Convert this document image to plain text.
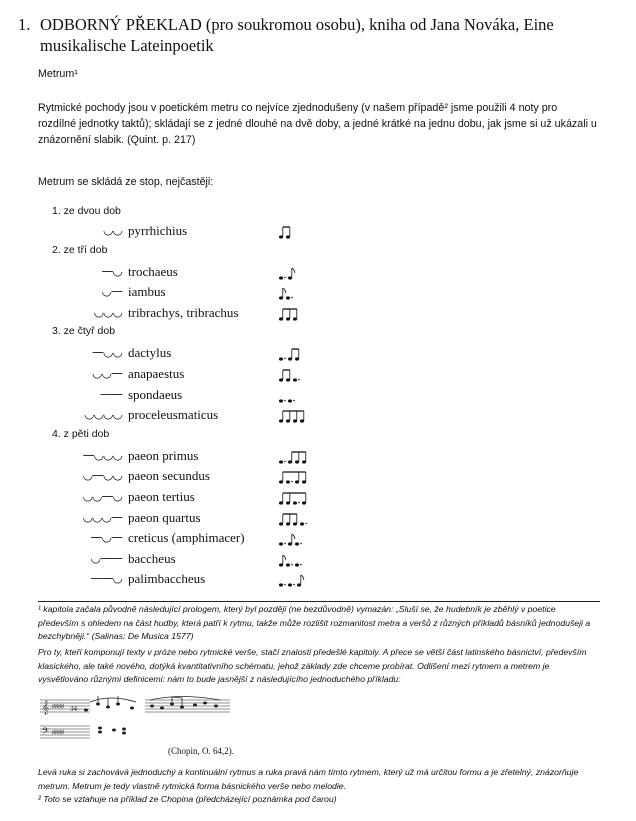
1. ODBORNÝ PŘEKLAD (pro soukromou osobu), kniha od Jana Nováka, Eine musikalische Lateinpoetik
Metrum¹
Rytmické pochody jsou v poetickém metru co nejvíce zjednodušeny (v našem případě² jsme použili 4 noty pro rozdílné jednotky taktů); skládají se z jedné dlouhé na dvě doby, a jedné krátké na jednu dobu, jak jsme si už ukázali u znázornění slabik. (Quint. p. 217)
Metrum se skládá ze stop, nejčastěji:
1. ze dvou dob
◡◡ pyrrhichius
2. ze tří dob
—◡ trochaeus
◡— iambus
◡◡◡ tribrachys, tribrachus
3. ze čtyř dob
—◡◡ dactylus
◡◡— anapaestus
—— spondaeus
◡◡◡◡ proceleusmaticus
4. z pěti dob
—◡◡◡ paeon primus
◡—◡◡ paeon secundus
◡◡—◡ paeon tertius
◡◡◡— paeon quartus
—◡— creticus (amphimacer)
◡—— baccheus
——◡ palimbaccheus
¹ kapitola začala původně následující prologem, který byl později (ne bezdůvodně) vymazán: „Sluší se, že hudebník je zběhlý v poetice především s ohledem na část hudby, která patří k rytmu, takže může rozlišit rozmanitost metra a veršů z různých příkladů básníků jednodušeji a bezchybněji.“ (Salinas: De Musica 1577)
Pro ty, kteří komponují texty v próze nebo rytmické verše, stačí znalosti předešlé kapitoly. A přece se větší část latinského básnictví, především klasického, ale také nového, dotýká kvantitativního schématu, jehož základy zde chceme probírat. Odlišení mezi rytmem a metrem je vysvětlováno různými definicemi: nám to bude jasnější z následujícího jednoduchého příkladu:
𝄞
𝄢
♯♯♯♯
♯♯♯♯
34
(Chopin, O. 64,2).
Levá ruka si zachovává jednoduchý a kontinuální rytmus a ruka pravá nám tímto rytmem, který už má určitou formu a je zřetelný, znázorňuje metrum. Metrum je tedy vlastně rytmická forma básnického verše nebo melodie.
² Toto se vztahuje na příklad ze Chopina (předcházející poznámka pod čarou)
